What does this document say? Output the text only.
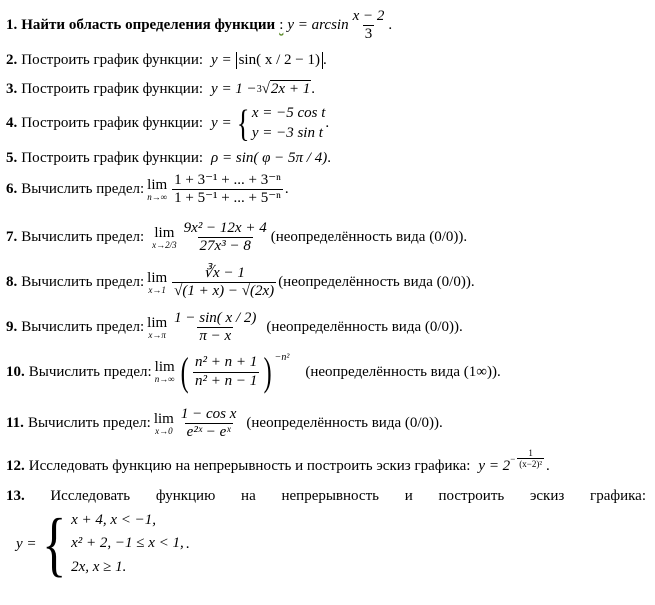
1. Найти область определения функции : $y = \arcsin \frac{x - 2}{3}$ .
2. Построить график функции: y = sin( x / 2 − 1) .
3. Построить график функции: y = 1 − 3 √ 2x + 1 .
4. Построить график функции: y = { x = −5 cos t
y = −3 sin t
.
5. Построить график функции: ρ = sin( φ − 5π / 4) .
6. Вычислить предел: lim
$n\to\infty \frac{\text{1 + 3⁻¹ + ... + 3⁻ⁿ}}{\text{1 + 5⁻¹ + ... + 5⁻ⁿ}}$ .
7. Вычислить предел: lim
$x\to 2/3 \frac{\text{9x² − 12x + 4}}{\text{27x³ − 8}}$ (неопределённость вида (0/0)).
8. Вычислить предел: lim
$x\to 1 \frac{∛x - 1}{√(1 + x) - √(2x)}$ (неопределённость вида (0/0)).
9. Вычислить предел: lim
$x\to\pi \frac{1 - \sin( x / 2)}{\pi - x}$ (неопределённость вида (0/0)).
10. Вычислить предел: lim
n→∞ ( $\frac{\text{n² + n + 1}}{\text{n² + n − 1}}$ ) $^{-n^2}$
(неопределённость вида (1∞)).
11. Вычислить предел: lim
$x\to 0 \frac{\text{1 − cos x}}{\text{e²ˣ − eˣ}}$ (неопределённость вида (0/0)).
12. Исследовать функцию на непрерывность и построить эскиз графика: $y = 2 - \frac{1}{\text{(x−2)²}}$ .
13. Исследовать функцию на непрерывность и построить эскиз графика:
y = { x + 4, x < −1,
x² + 2, −1 ≤ x < 1,
2x, x ≥ 1.
.
